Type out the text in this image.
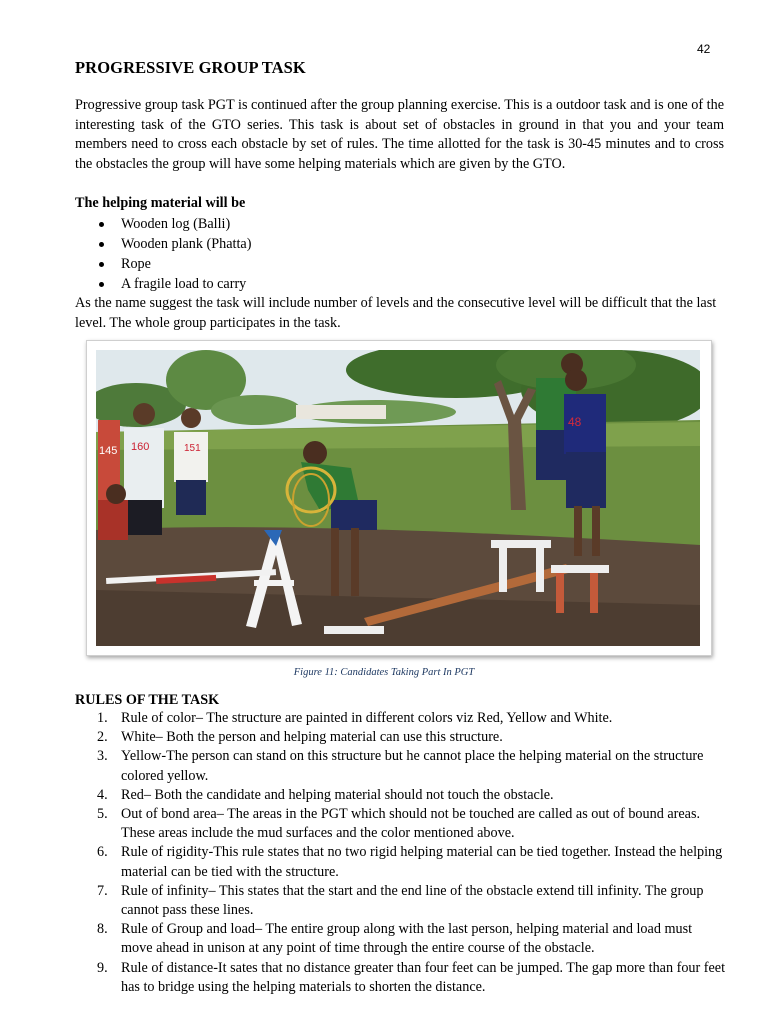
42
PROGRESSIVE GROUP TASK

Progressive group task PGT is continued after the group planning exercise. This is a outdoor task and is one of the interesting task of the GTO series. This task is about set of obstacles in ground in that you and your team members need to cross each obstacle by set of rules. The time allotted for the task is 30-45 minutes and to cross the obstacles the group will have some helping materials which are given by the GTO.

The helping material will be

Wooden log (Balli)
Wooden plank (Phatta)
Rope
A fragile load to carry

As the name suggest the task will include number of levels and the consecutive level will be difficult that the last level. The whole group participates in the task.

145 160	151
48

Figure 11: Candidates Taking Part In PGT

RULES OF THE TASK
1. Rule of color– The structure are painted in different colors viz Red, Yellow and White.
2. White– Both the person and helping material can use this structure.
3. Yellow-The person can stand on this structure but he cannot place the helping material on the structure colored yellow.
4. Red– Both the candidate and helping material should not touch the obstacle.
5. Out of bond area– The areas in the PGT which should not be touched are called as out of bound areas. These areas include the mud surfaces and the color mentioned above.
6. Rule of rigidity-This rule states that no two rigid helping material can be tied together. Instead the helping material can be tied with the structure.
7. Rule of infinity– This states that the start and the end line of the obstacle extend till infinity. The group cannot pass these lines.
8. Rule of Group and load– The entire group along with the last person, helping material and load must move ahead in unison at any point of time through the entire course of the obstacle.
9. Rule of distance-It sates that no distance greater than four feet can be jumped. The gap more than four feet has to bridge using the helping materials to shorten the distance.
